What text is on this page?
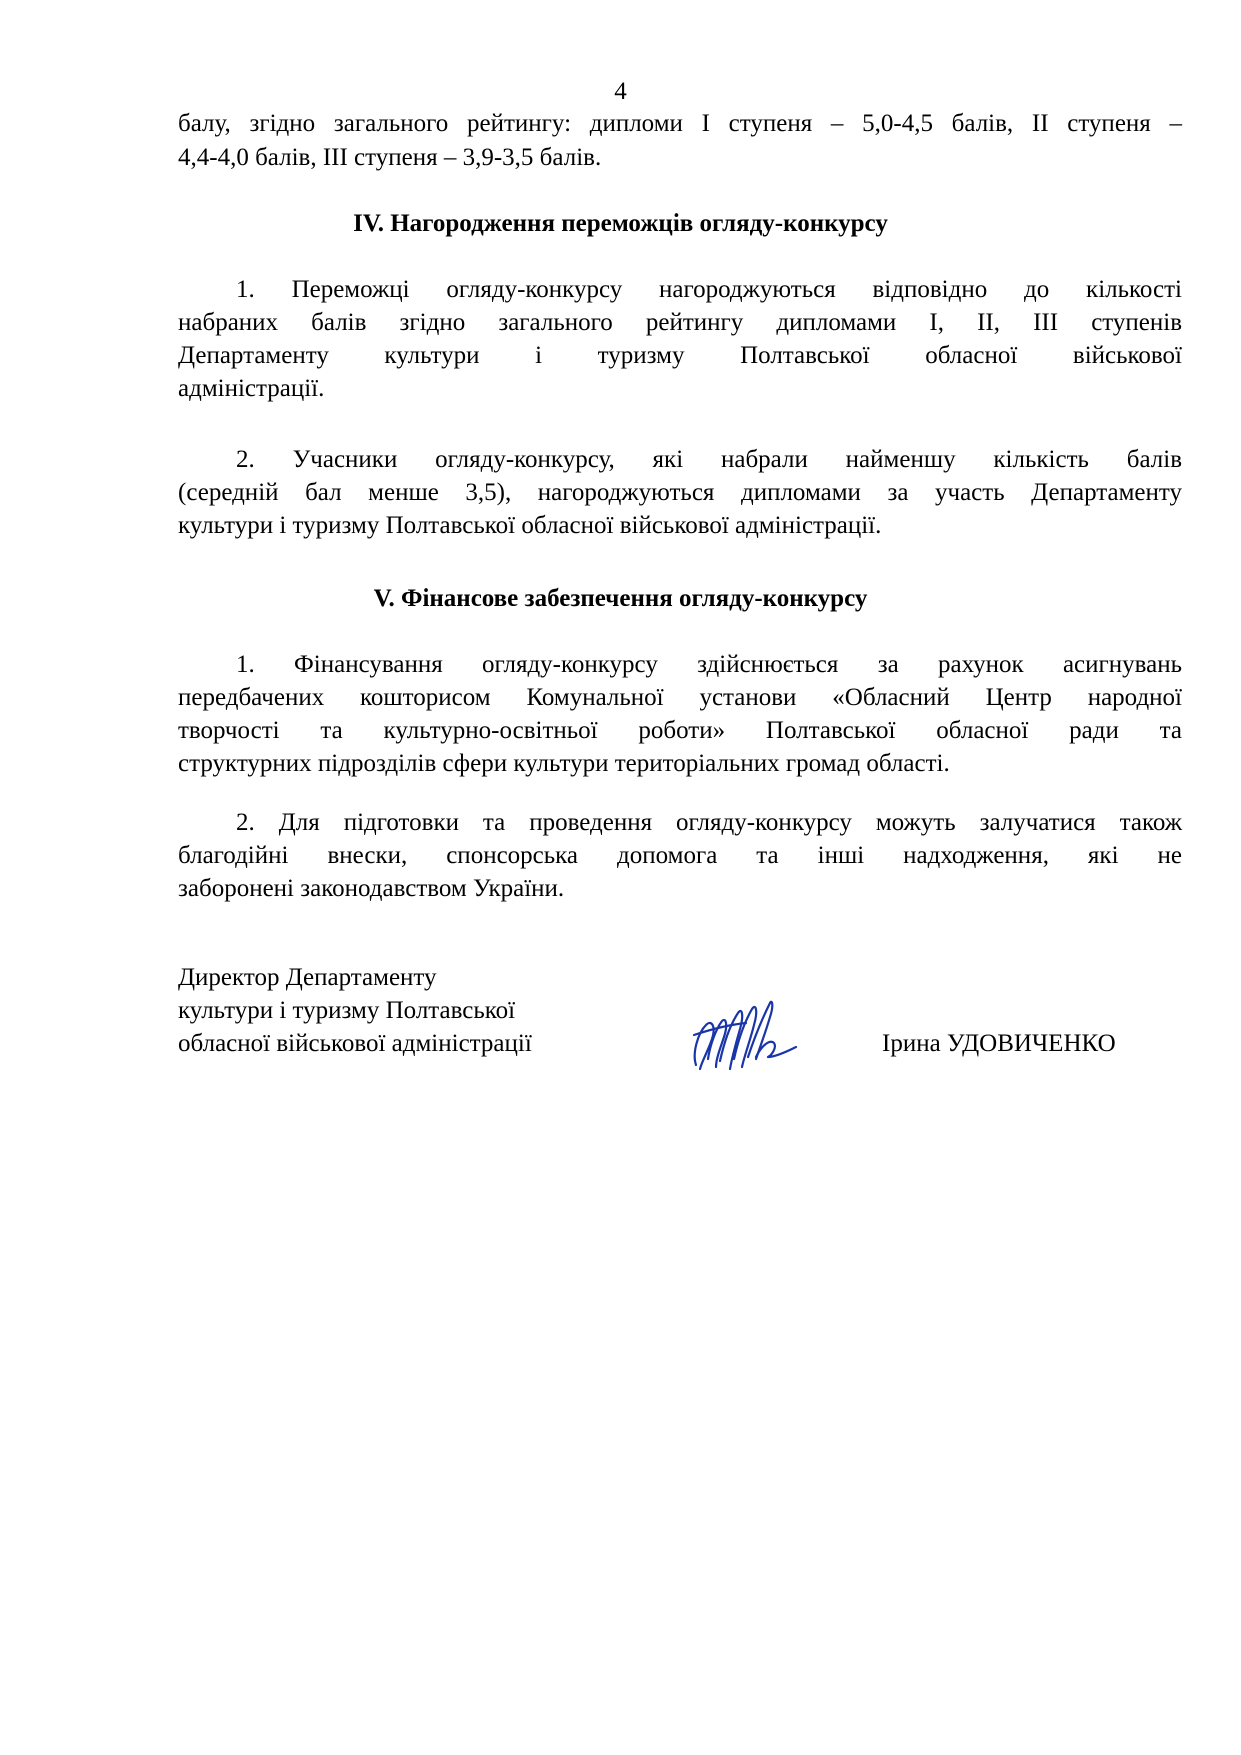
4
балу, згідно загального рейтингу: дипломи І ступеня – 5,0-4,5 балів, ІІ ступеня –
4,4-4,0 балів, ІІІ ступеня – 3,9-3,5 балів.
IV. Нагородження переможців огляду-конкурсу
1. Переможці огляду-конкурсу нагороджуються відповідно до кількості
набраних балів згідно загального рейтингу дипломами І, ІІ, ІІІ ступенів
Департаменту культури і туризму Полтавської обласної військової
адміністрації.
2. Учасники огляду-конкурсу, які набрали найменшу кількість балів
(середній бал менше 3,5), нагороджуються дипломами за участь Департаменту
культури і туризму Полтавської обласної військової адміністрації.
V. Фінансове забезпечення огляду-конкурсу
1. Фінансування огляду-конкурсу здійснюється за рахунок асигнувань
передбачених кошторисом Комунальної установи «Обласний Центр народної
творчості та культурно-освітньої роботи» Полтавської обласної ради та
структурних підрозділів сфери культури територіальних громад області.
2. Для підготовки та проведення огляду-конкурсу можуть залучатися також
благодійні внески, спонсорська допомога та інші надходження, які не
заборонені законодавством України.
Директор Департаменту
культури і туризму Полтавської
обласної військової адміністрації	Ірина УДОВИЧЕНКО
